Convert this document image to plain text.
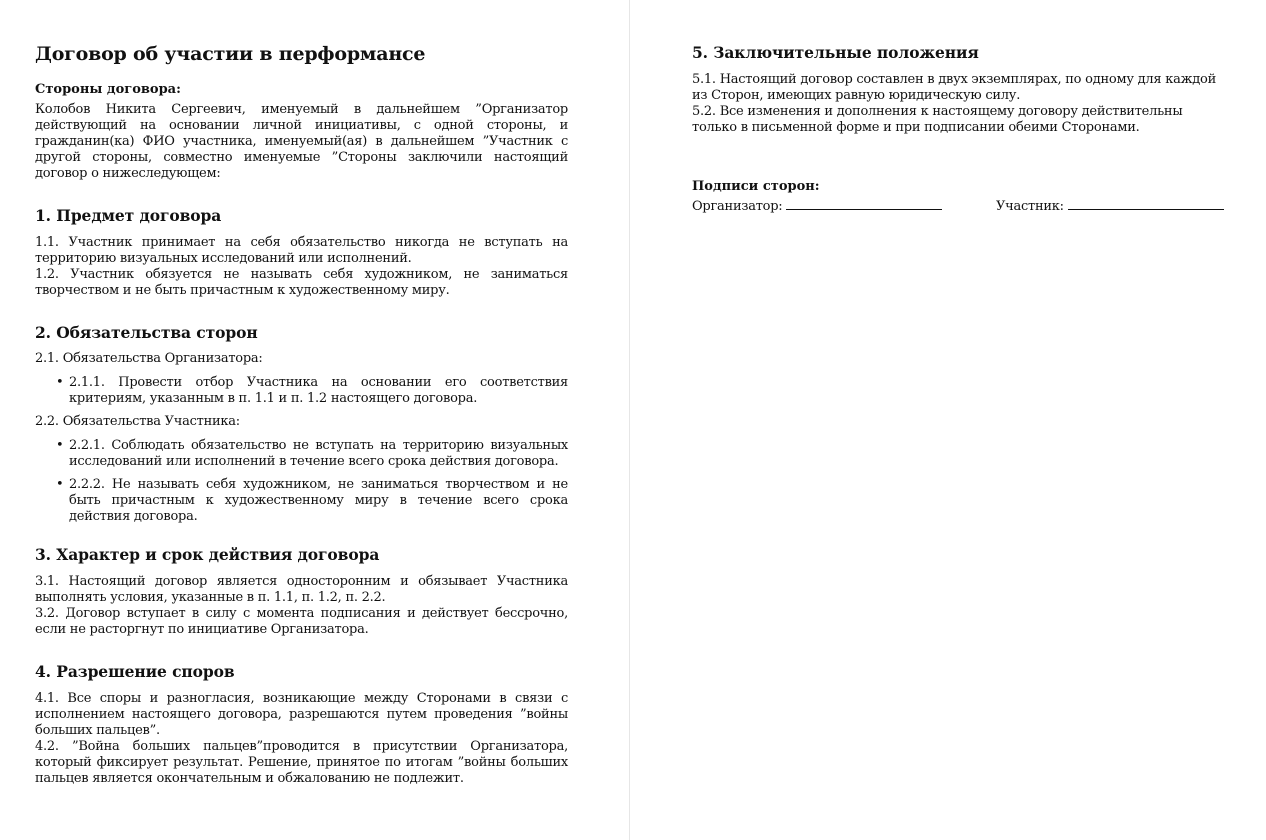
Договор об участии в перформансе
Стороны договора:

Колобов Никита Сергеевич, именуемый в дальнейшем ”Организатор действующий на основании личной инициативы, с одной стороны, и гражданин(ка) ФИО участника, именуемый(ая) в дальнейшем ”Участник с другой стороны, совместно именуемые ”Стороны заключили настоящий договор о нижеследующем:

1. Предмет договора

1.1. Участник принимает на себя обязательство никогда не вступать на территорию визуальных исследований или исполнений.

1.2. Участник обязуется не называть себя художником, не заниматься творчеством и не быть причастным к художественному миру.

2. Обязательства сторон
2.1. Обязательства Организатора:
• 2.1.1. Провести отбор Участника на основании его соответствия критериям, указанным в п. 1.1 и п. 1.2 настоящего договора.
2.2. Обязательства Участника:
• 2.2.1. Соблюдать обязательство не вступать на территорию визуальных исследований или исполнений в течение всего срока действия договора.
• 2.2.2. Не называть себя художником, не заниматься творчеством и не быть причастным к художественному миру в течение всего срока действия договора.
3. Характер и срок действия договора

3.1. Настоящий договор является односторонним и обязывает Участника выполнять условия, указанные в п. 1.1, п. 1.2, п. 2.2.

3.2. Договор вступает в силу с момента подписания и действует бессрочно, если не расторгнут по инициативе Организатора.

4. Разрешение споров

4.1. Все споры и разногласия, возникающие между Сторонами в связи с исполнением настоящего договора, разрешаются путем проведения ”войны больших пальцев”.

4.2. ”Война больших пальцев”проводится в присутствии Организатора, который фиксирует результат. Решение, принятое по итогам ”войны больших пальцев является окончательным и обжалованию не подлежит.

5. Заключительные положения

5.1. Настоящий договор составлен в двух экземплярах, по одному для каждой из Сторон, имеющих равную юридическую силу.

5.2. Все изменения и дополнения к настоящему договору действительны только в письменной форме и при подписании обеими Сторонами.

Подписи сторон:
Организатор:	Участник:
